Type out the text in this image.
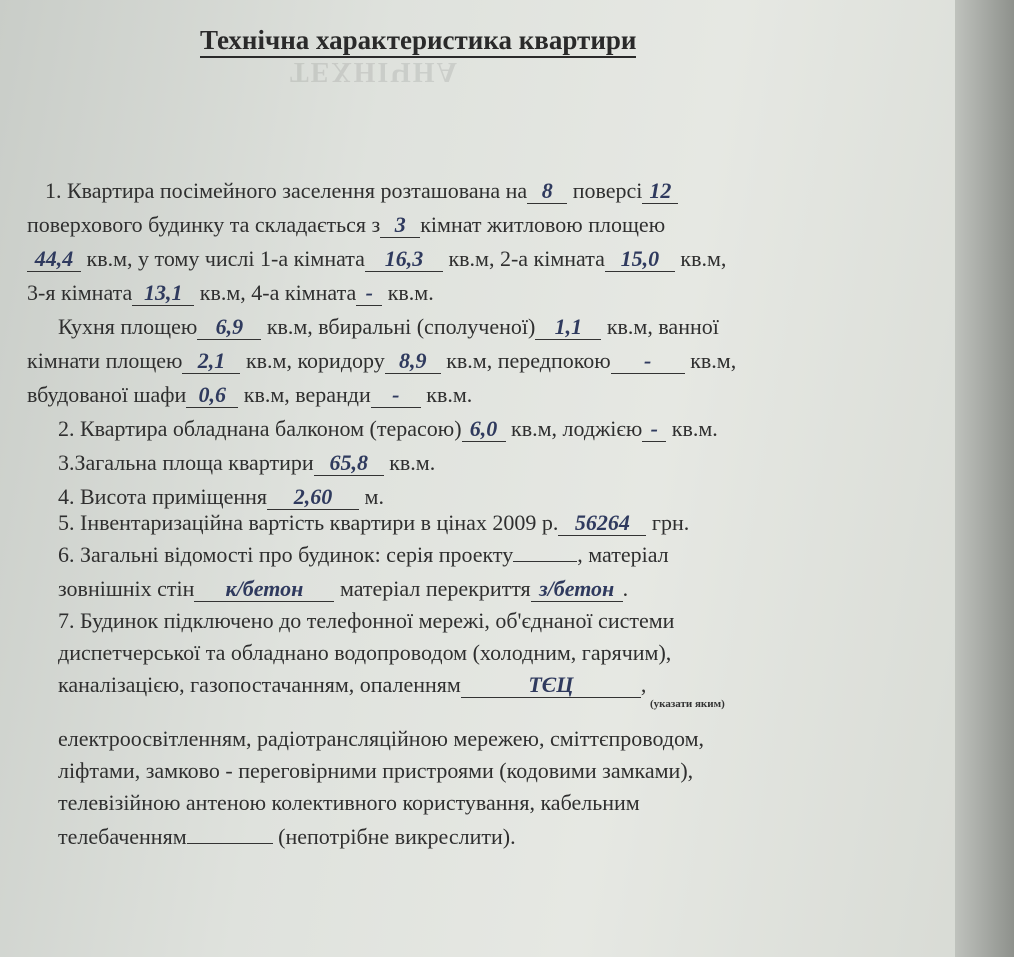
ТЕХНІЧНА
Технічна характеристика квартири

1. Квартира посімейного заселення розташована на 8 поверсі 12

поверхового будинку та складається з 3 кімнат житловою площею

44,4 кв.м, у тому числі 1-а кімната 16,3 кв.м, 2-а кімната 15,0 кв.м,

3-я кімната 13,1 кв.м, 4-а кімната - кв.м.

Кухня площею 6,9 кв.м, вбиральні (сполученої) 1,1 кв.м, ванної

кімнати площею 2,1 кв.м, коридору 8,9 кв.м, передпокою - кв.м,

вбудованої шафи 0,6 кв.м, веранди - кв.м.

2. Квартира обладнана балконом (терасою) 6,0 кв.м, лоджією - кв.м.

3.Загальна площа квартири 65,8 кв.м.

4. Висота приміщення 2,60 м.

5. Інвентаризаційна вартість квартири в цінах 2009 р. 56264 грн.

6. Загальні відомості про будинок: серія проекту	, матеріал

зовнішніх стін к/бетон матеріал перекриття з/бетон .

7. Будинок підключено до телефонної мережі, об'єднаної системи

диспетчерської та обладнано водопроводом (холодним, гарячим),

каналізацією, газопостачанням, опаленням	ТЄЦ	,

(указати яким)

електроосвітленням, радіотрансляційною мережею, сміттєпроводом,

ліфтами, замково - переговірними пристроями (кодовими замками),

телевізійною антеною колективного користування, кабельним

телебаченням	(непотрібне викреслити).
